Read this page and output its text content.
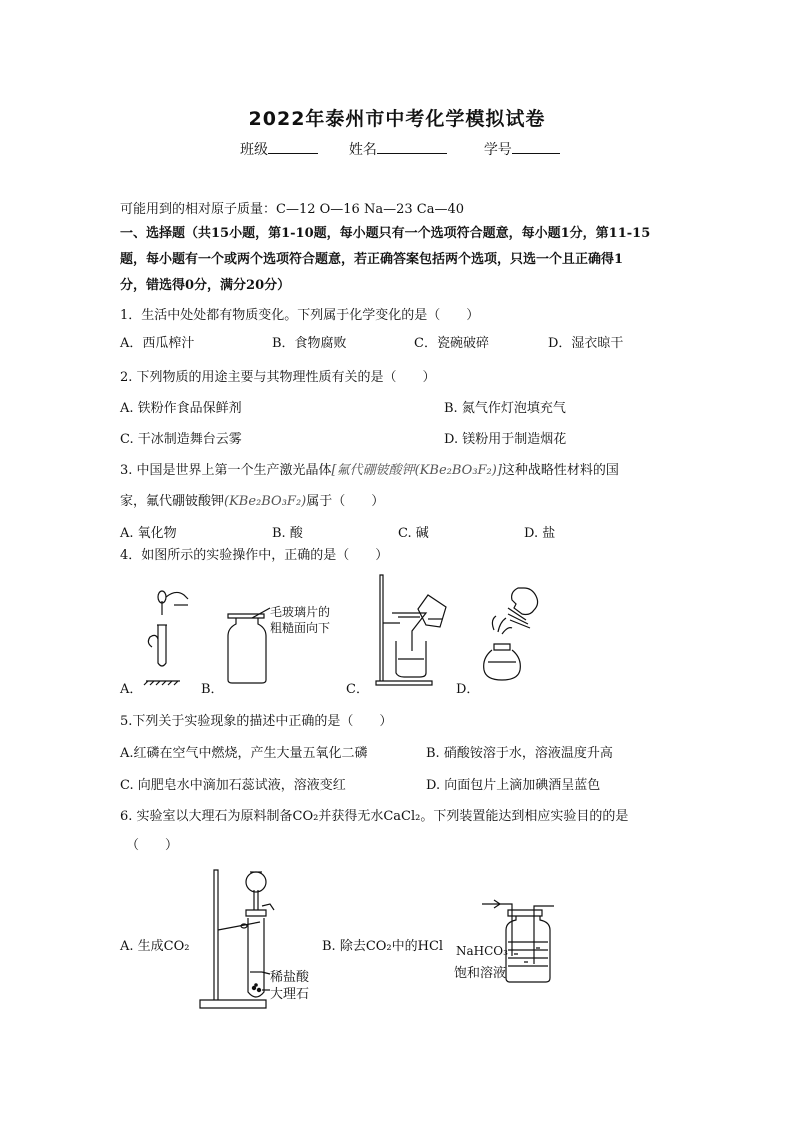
2022年泰州市中考化学模拟试卷
班级	姓名	学号
可能用到的相对原子质量：C—12 O—16 Na—23 Ca—40
一、选择题（共15小题，第1-10题，每小题只有一个选项符合题意，每小题1分，第11-15
题，每小题有一个或两个选项符合题意，若正确答案包括两个选项，只选一个且正确得1
分，错选得0分，满分20分）
1．生活中处处都有物质变化。下列属于化学变化的是（　　）
A．西瓜榨汁	B．食物腐败	C．瓷碗破碎	D．湿衣晾干
2. 下列物质的用途主要与其物理性质有关的是（　　）
A. 铁粉作食品保鲜剂	B. 氮气作灯泡填充气
C. 干冰制造舞台云雾	D. 镁粉用于制造烟花
3. 中国是世界上第一个生产激光晶体[氟代硼铍酸钾(KBe₂BO₃F₂)]这种战略性材料的国
家，氟代硼铍酸钾(KBe₂BO₃F₂)属于（　　）
A. 氧化物	B. 酸	C. 碱	D. 盐
4．如图所示的实验操作中，正确的是（　　）
A．
毛玻璃片的
粗糙面向下
B．	C．	D．
5.下列关于实验现象的描述中正确的是（　　）
A.红磷在空气中燃烧，产生大量五氧化二磷	B. 硝酸铵溶于水，溶液温度升高
C. 向肥皂水中滴加石蕊试液，溶液变红	D. 向面包片上滴加碘酒呈蓝色
6. 实验室以大理石为原料制备CO₂并获得无水CaCl₂。下列装置能达到相应实验目的的是
（　　）
稀盐酸
大理石
A. 生成CO₂	B. 除去CO₂中的HCl NaHCO₃
饱和溶液
